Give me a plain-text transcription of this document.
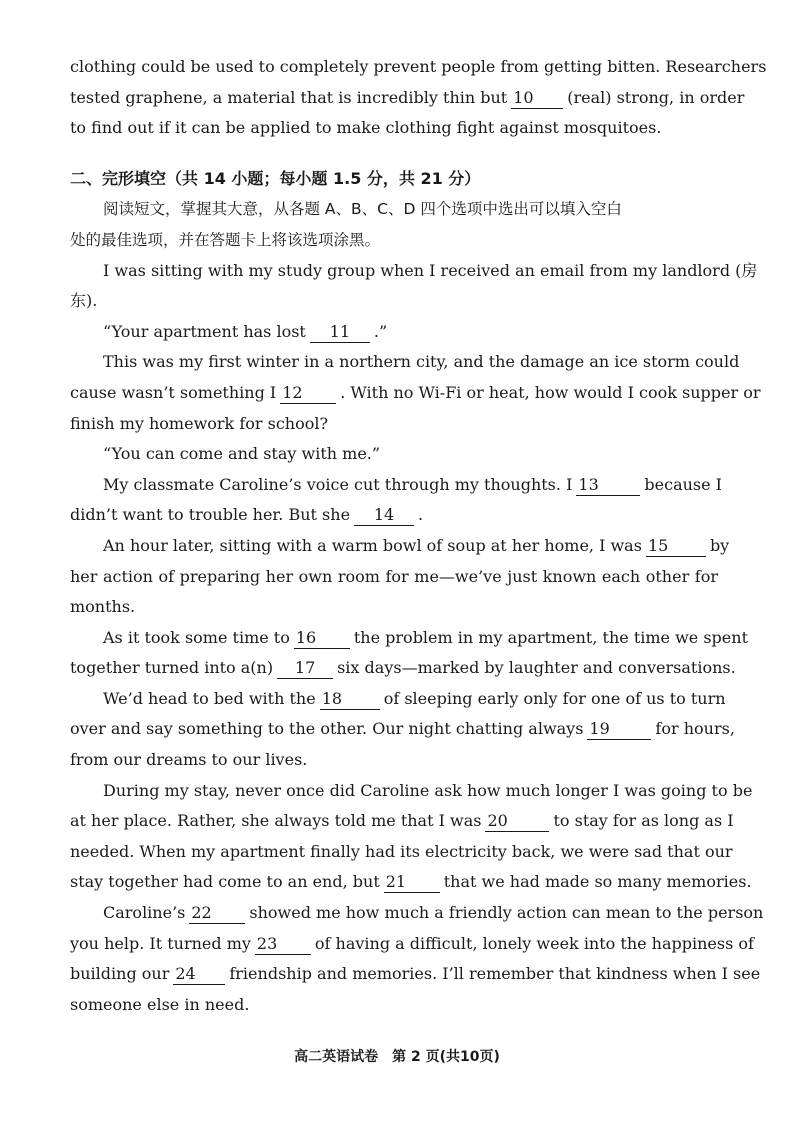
clothing could be used to completely prevent people from getting bitten. Researchers
tested graphene, a material that is incredibly thin but 10 (real) strong, in order
to find out if it can be applied to make clothing fight against mosquitoes.
二、完形填空（共 14 小题；每小题 1.5 分，共 21 分）
阅读短文，掌握其大意，从各题 A、B、C、D 四个选项中选出可以填入空白
处的最佳选项，并在答题卡上将该选项涂黑。
I was sitting with my study group when I received an email from my landlord (房
东).
“Your apartment has lost 11 .”
This was my first winter in a northern city, and the damage an ice storm could
cause wasn’t something I 12 . With no Wi-Fi or heat, how would I cook supper or
finish my homework for school?
“You can come and stay with me.”
My classmate Caroline’s voice cut through my thoughts. I 13	because I
didn’t want to trouble her. But she 14 .
An hour later, sitting with a warm bowl of soup at her home, I was 15	by
her action of preparing her own room for me—we’ve just known each other for
months.
As it took some time to 16 the problem in my apartment, the time we spent
together turned into a(n) 17 six days—marked by laughter and conversations.
We’d head to bed with the 18	of sleeping early only for one of us to turn
over and say something to the other. Our night chatting always 19	for hours,
from our dreams to our lives.
During my stay, never once did Caroline ask how much longer I was going to be
at her place. Rather, she always told me that I was 20	to stay for as long as I
needed. When my apartment finally had its electricity back, we were sad that our
stay together had come to an end, but 21 that we had made so many memories.
Caroline’s 22 showed me how much a friendly action can mean to the person
you help. It turned my 23 of having a difficult, lonely week into the happiness of
building our 24 friendship and memories. I’ll remember that kindness when I see
someone else in need.
高二英语试卷　第 2 页(共10页)
